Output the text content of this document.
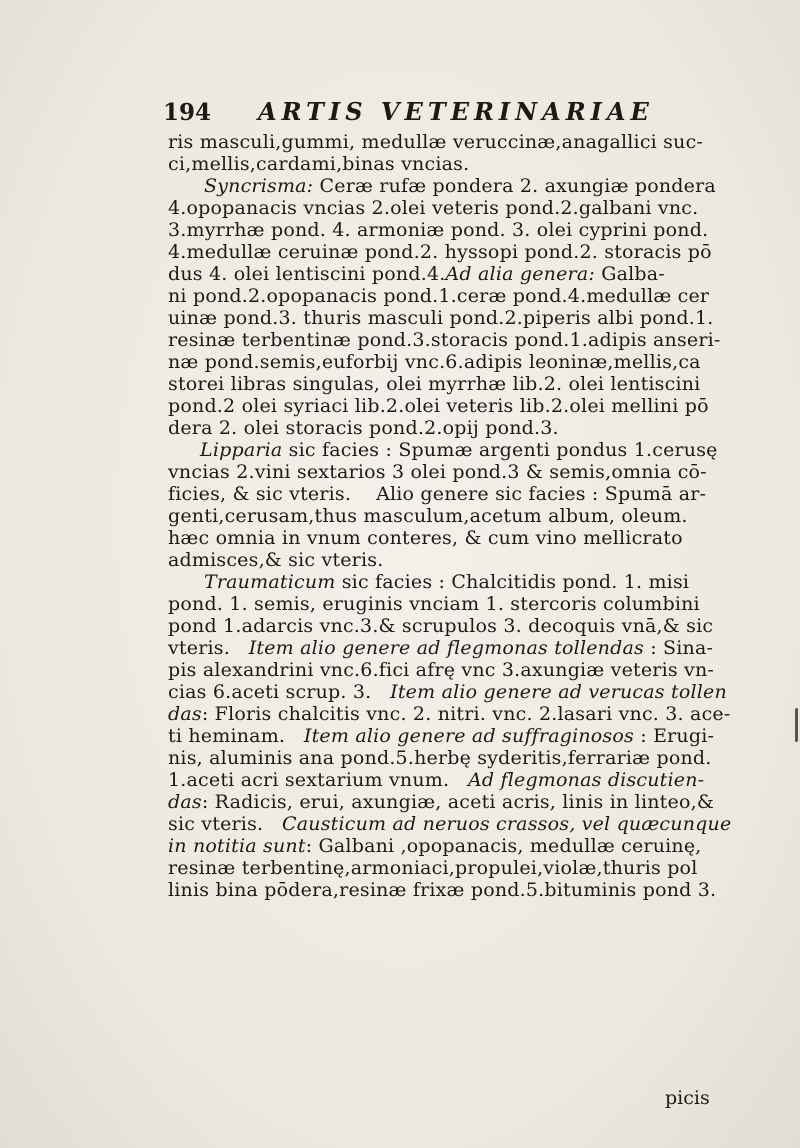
194 ARTIS VETERINARIAE
ris masculi,gummi, medullæ veruccinæ,anagallici suc-
ci,mellis,cardami,binas vncias.
Syncrisma: Ceræ rufæ pondera 2. axungiæ pondera
4.opopanacis vncias 2.olei veteris pond.2.galbani vnc.
3.myrrhæ pond. 4. armoniæ pond. 3. olei cyprini pond.
4.medullæ ceruinæ pond.2. hyssopi pond.2. storacis pō
dus 4. olei lentiscini pond.4.Ad alia genera: Galba-
ni pond.2.opopanacis pond.1.ceræ pond.4.medullæ cer
uinæ pond.3. thuris masculi pond.2.piperis albi pond.1.
resinæ terbentinæ pond.3.storacis pond.1.adipis anseri-
næ pond.semis,euforbij vnc.6.adipis leoninæ,mellis,ca
storei libras singulas, olei myrrhæ lib.2. olei lentiscini
pond.2 olei syriaci lib.2.olei veteris lib.2.olei mellini pō
dera 2. olei storacis pond.2.opij pond.3.
Lipparia sic facies : Spumæ argenti pondus 1.cerusę
vncias 2.vini sextarios 3 olei pond.3 & semis,omnia cō-
ficies, & sic vteris.    Alio genere sic facies : Spumā ar-
genti,cerusam,thus masculum,acetum album, oleum.
hæc omnia in vnum conteres, & cum vino mellicrato
admisces,& sic vteris.
Traumaticum sic facies : Chalcitidis pond. 1. misi
pond. 1. semis, eruginis vnciam 1. stercoris columbini
pond 1.adarcis vnc.3.& scrupulos 3. decoquis vnā,& sic
vteris.   Item alio genere ad flegmonas tollendas : Sina-
pis alexandrini vnc.6.fici afrę vnc 3.axungiæ veteris vn-
cias 6.aceti scrup. 3.   Item alio genere ad verucas tollen
das: Floris chalcitis vnc. 2. nitri. vnc. 2.lasari vnc. 3. ace-
ti heminam.   Item alio genere ad suffraginosos : Erugi-
nis, aluminis ana pond.5.herbę syderitis,ferrariæ pond.
1.aceti acri sextarium vnum.   Ad flegmonas discutien-
das: Radicis, erui, axungiæ, aceti acris, linis in linteo,&
sic vteris.   Causticum ad neruos crassos, vel quæcunque
in notitia sunt: Galbani ,opopanacis, medullæ ceruinę,
resinæ terbentinę,armoniaci,propulei,violæ,thuris pol
linis bina pōdera,resinæ frixæ pond.5.bituminis pond 3.
picis
